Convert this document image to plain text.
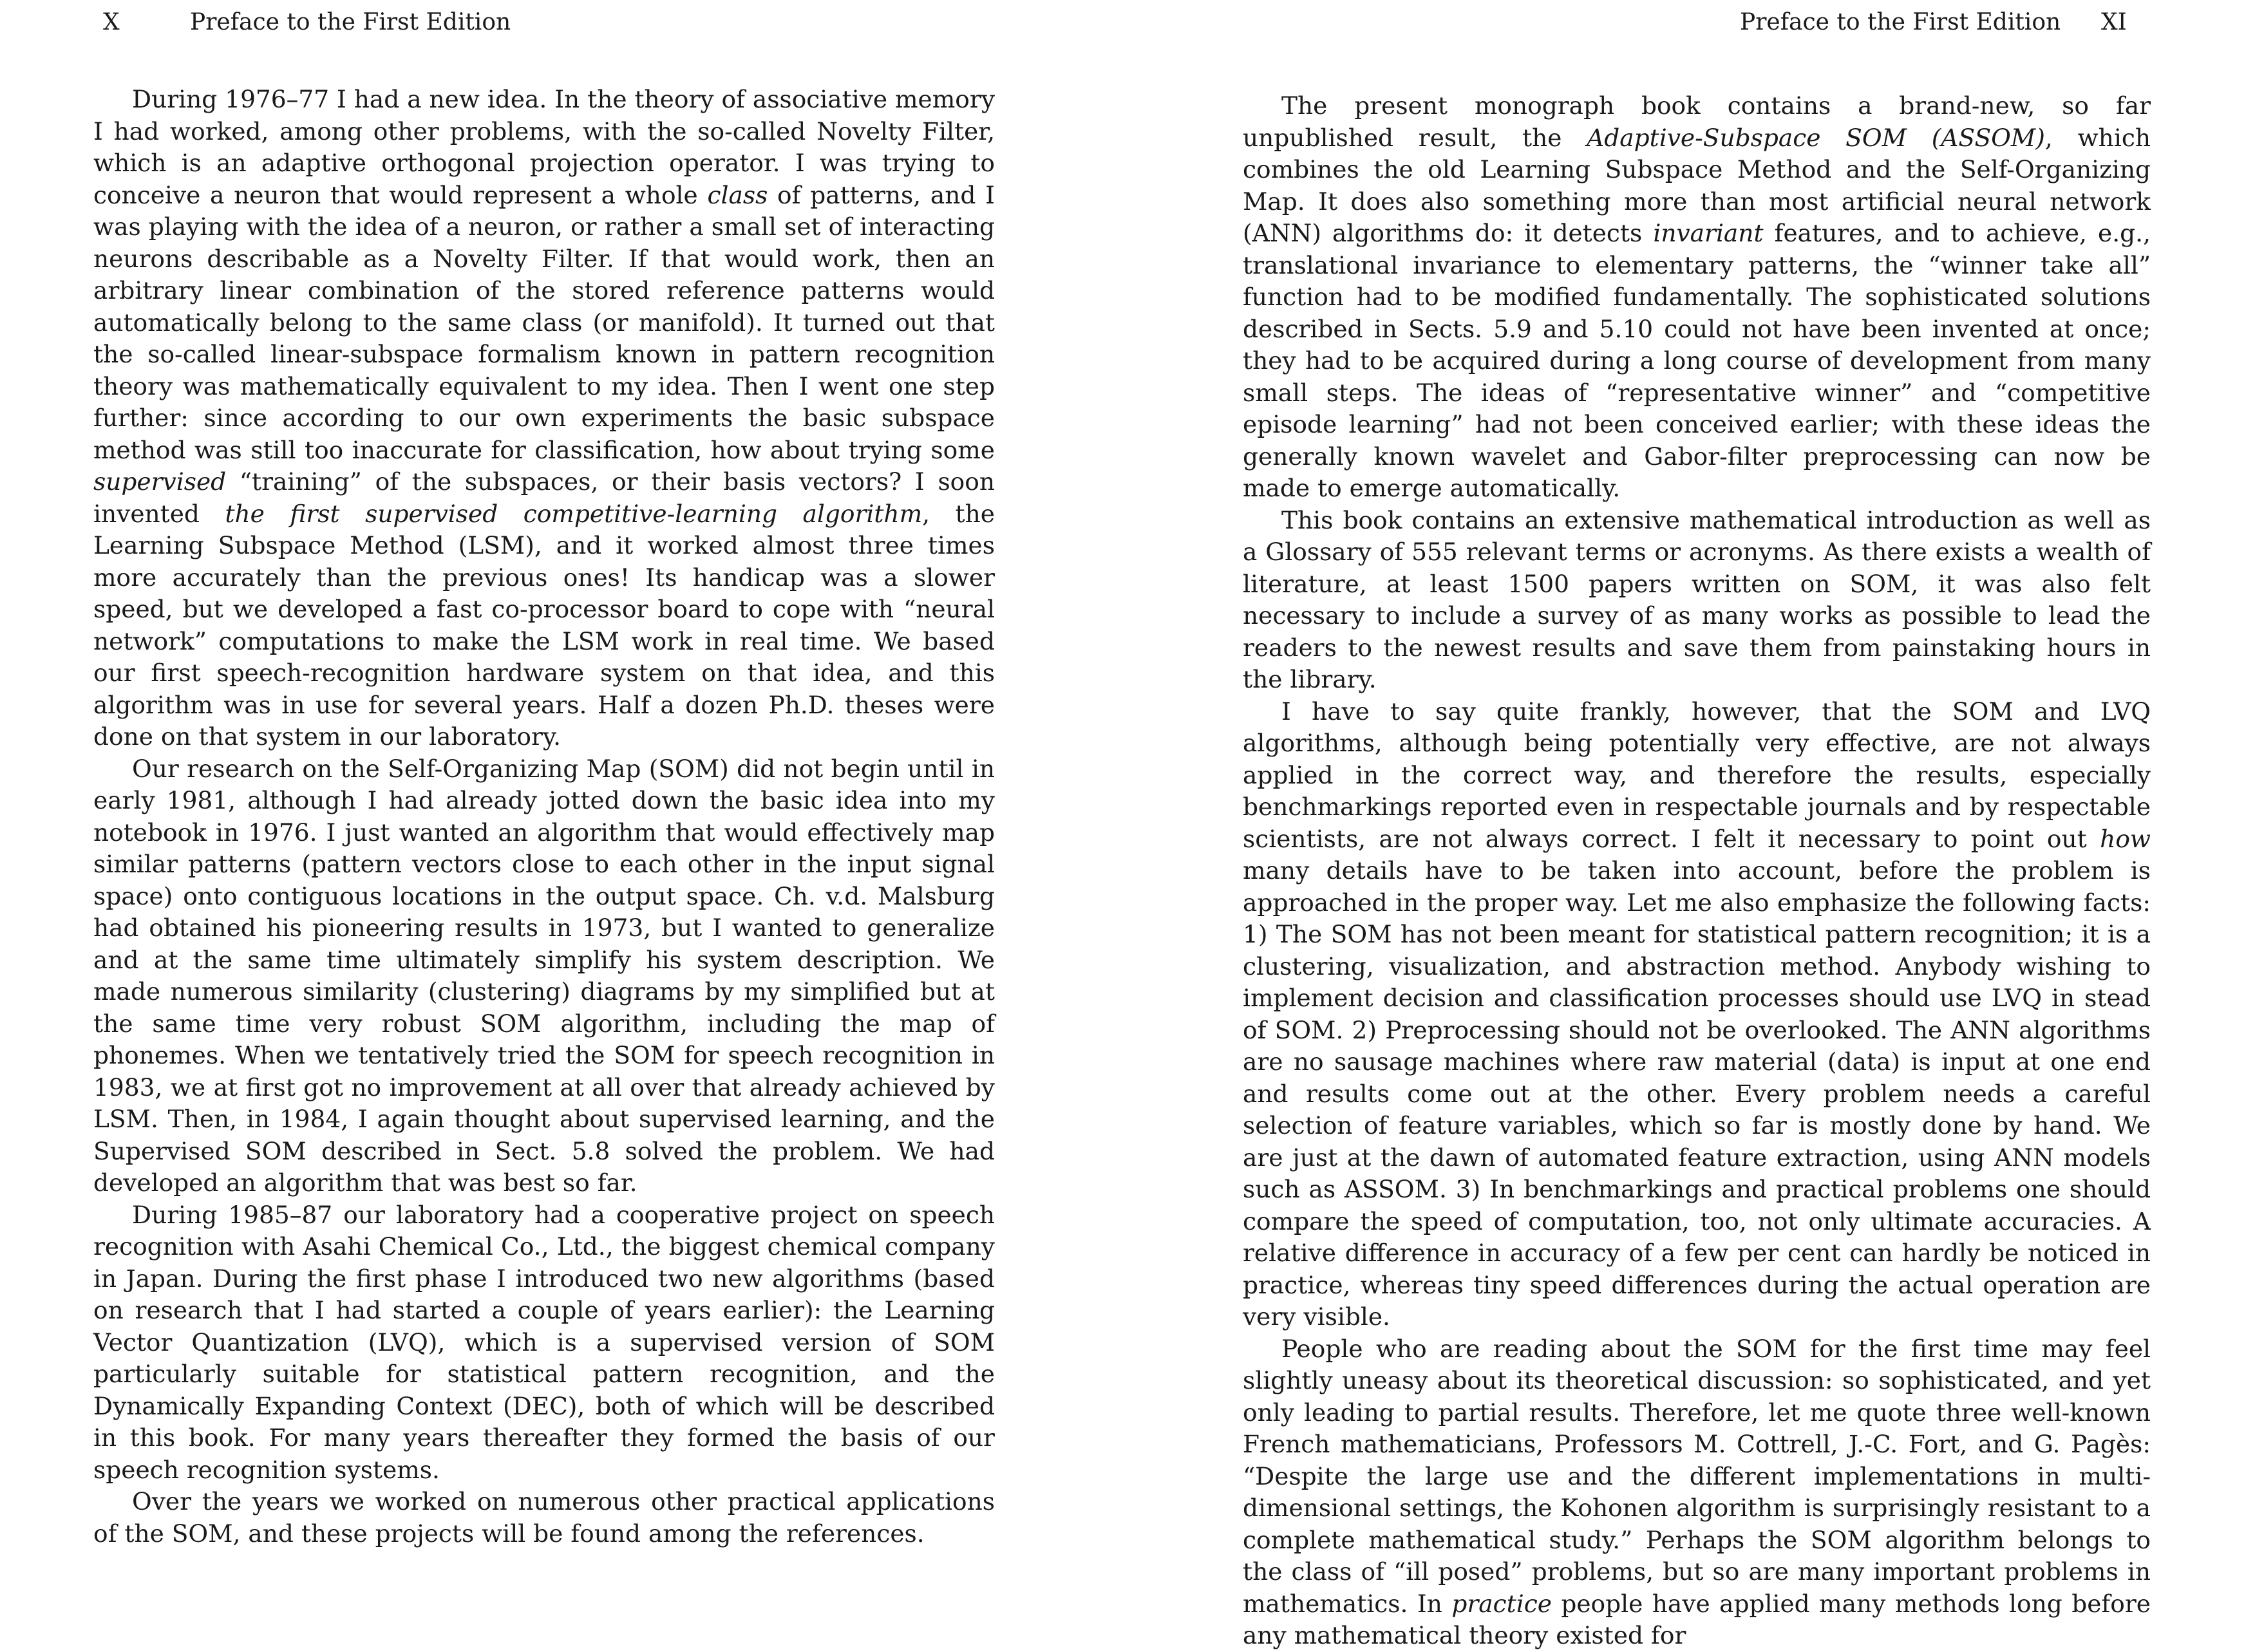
X	Preface to the First Edition

During 1976–77 I had a new idea. In the theory of associative memory I had worked, among other problems, with the so-called Novelty Filter, which is an adaptive orthogonal projection operator. I was trying to conceive a neuron that would represent a whole class of patterns, and I was playing with the idea of a neuron, or rather a small set of interacting neurons describable as a Novelty Filter. If that would work, then an arbitrary linear combination of the stored reference patterns would automatically belong to the same class (or manifold). It turned out that the so-called linear-subspace formalism known in pattern recognition theory was mathematically equivalent to my idea. Then I went one step further: since according to our own experiments the basic subspace method was still too inaccurate for classification, how about trying some supervised “training” of the subspaces, or their basis vectors? I soon invented the first supervised competitive-learning algorithm, the Learning Subspace Method (LSM), and it worked almost three times more accurately than the previous ones! Its handicap was a slower speed, but we developed a fast co-processor board to cope with “neural network” computations to make the LSM work in real time. We based our first speech-recognition hardware system on that idea, and this algorithm was in use for several years. Half a dozen Ph.D. theses were done on that system in our laboratory.

Our research on the Self-Organizing Map (SOM) did not begin until in early 1981, although I had already jotted down the basic idea into my notebook in 1976. I just wanted an algorithm that would effectively map similar patterns (pattern vectors close to each other in the input signal space) onto contiguous locations in the output space. Ch. v.d. Malsburg had obtained his pioneering results in 1973, but I wanted to generalize and at the same time ultimately simplify his system description. We made numerous similarity (clustering) diagrams by my simplified but at the same time very robust SOM algorithm, including the map of phonemes. When we tentatively tried the SOM for speech recognition in 1983, we at first got no improvement at all over that already achieved by LSM. Then, in 1984, I again thought about supervised learning, and the Supervised SOM described in Sect. 5.8 solved the problem. We had developed an algorithm that was best so far.

During 1985–87 our laboratory had a cooperative project on speech recognition with Asahi Chemical Co., Ltd., the biggest chemical company in Japan. During the first phase I introduced two new algorithms (based on research that I had started a couple of years earlier): the Learning Vector Quantization (LVQ), which is a supervised version of SOM particularly suitable for statistical pattern recognition, and the Dynamically Expanding Context (DEC), both of which will be described in this book. For many years thereafter they formed the basis of our speech recognition systems.

Over the years we worked on numerous other practical applications of the SOM, and these projects will be found among the references.

Preface to the First Edition XI

The present monograph book contains a brand-new, so far unpublished result, the Adaptive-Subspace SOM (ASSOM), which combines the old Learning Subspace Method and the Self-Organizing Map. It does also something more than most artificial neural network (ANN) algorithms do: it detects invariant features, and to achieve, e.g., translational invariance to elementary patterns, the “winner take all” function had to be modified fundamentally. The sophisticated solutions described in Sects. 5.9 and 5.10 could not have been invented at once; they had to be acquired during a long course of development from many small steps. The ideas of “representative winner” and “competitive episode learning” had not been conceived earlier; with these ideas the generally known wavelet and Gabor-filter preprocessing can now be made to emerge automatically.

This book contains an extensive mathematical introduction as well as a Glossary of 555 relevant terms or acronyms. As there exists a wealth of literature, at least 1500 papers written on SOM, it was also felt necessary to include a survey of as many works as possible to lead the readers to the newest results and save them from painstaking hours in the library.

I have to say quite frankly, however, that the SOM and LVQ algorithms, although being potentially very effective, are not always applied in the correct way, and therefore the results, especially benchmarkings reported even in respectable journals and by respectable scientists, are not always correct. I felt it necessary to point out how many details have to be taken into account, before the problem is approached in the proper way. Let me also emphasize the following facts: 1) The SOM has not been meant for statistical pattern recognition; it is a clustering, visualization, and abstraction method. Anybody wishing to implement decision and classification processes should use LVQ in stead of SOM. 2) Preprocessing should not be overlooked. The ANN algorithms are no sausage machines where raw material (data) is input at one end and results come out at the other. Every problem needs a careful selection of feature variables, which so far is mostly done by hand. We are just at the dawn of automated feature extraction, using ANN models such as ASSOM. 3) In benchmarkings and practical problems one should compare the speed of computation, too, not only ultimate accuracies. A relative difference in accuracy of a few per cent can hardly be noticed in practice, whereas tiny speed differences during the actual operation are very visible.

People who are reading about the SOM for the first time may feel slightly uneasy about its theoretical discussion: so sophisticated, and yet only leading to partial results. Therefore, let me quote three well-known French mathematicians, Professors M. Cottrell, J.-C. Fort, and G. Pagès: “Despite the large use and the different implementations in multi-dimensional settings, the Kohonen algorithm is surprisingly resistant to a complete mathematical study.” Perhaps the SOM algorithm belongs to the class of “ill posed” problems, but so are many important problems in mathematics. In practice people have applied many methods long before any mathematical theory existed for
